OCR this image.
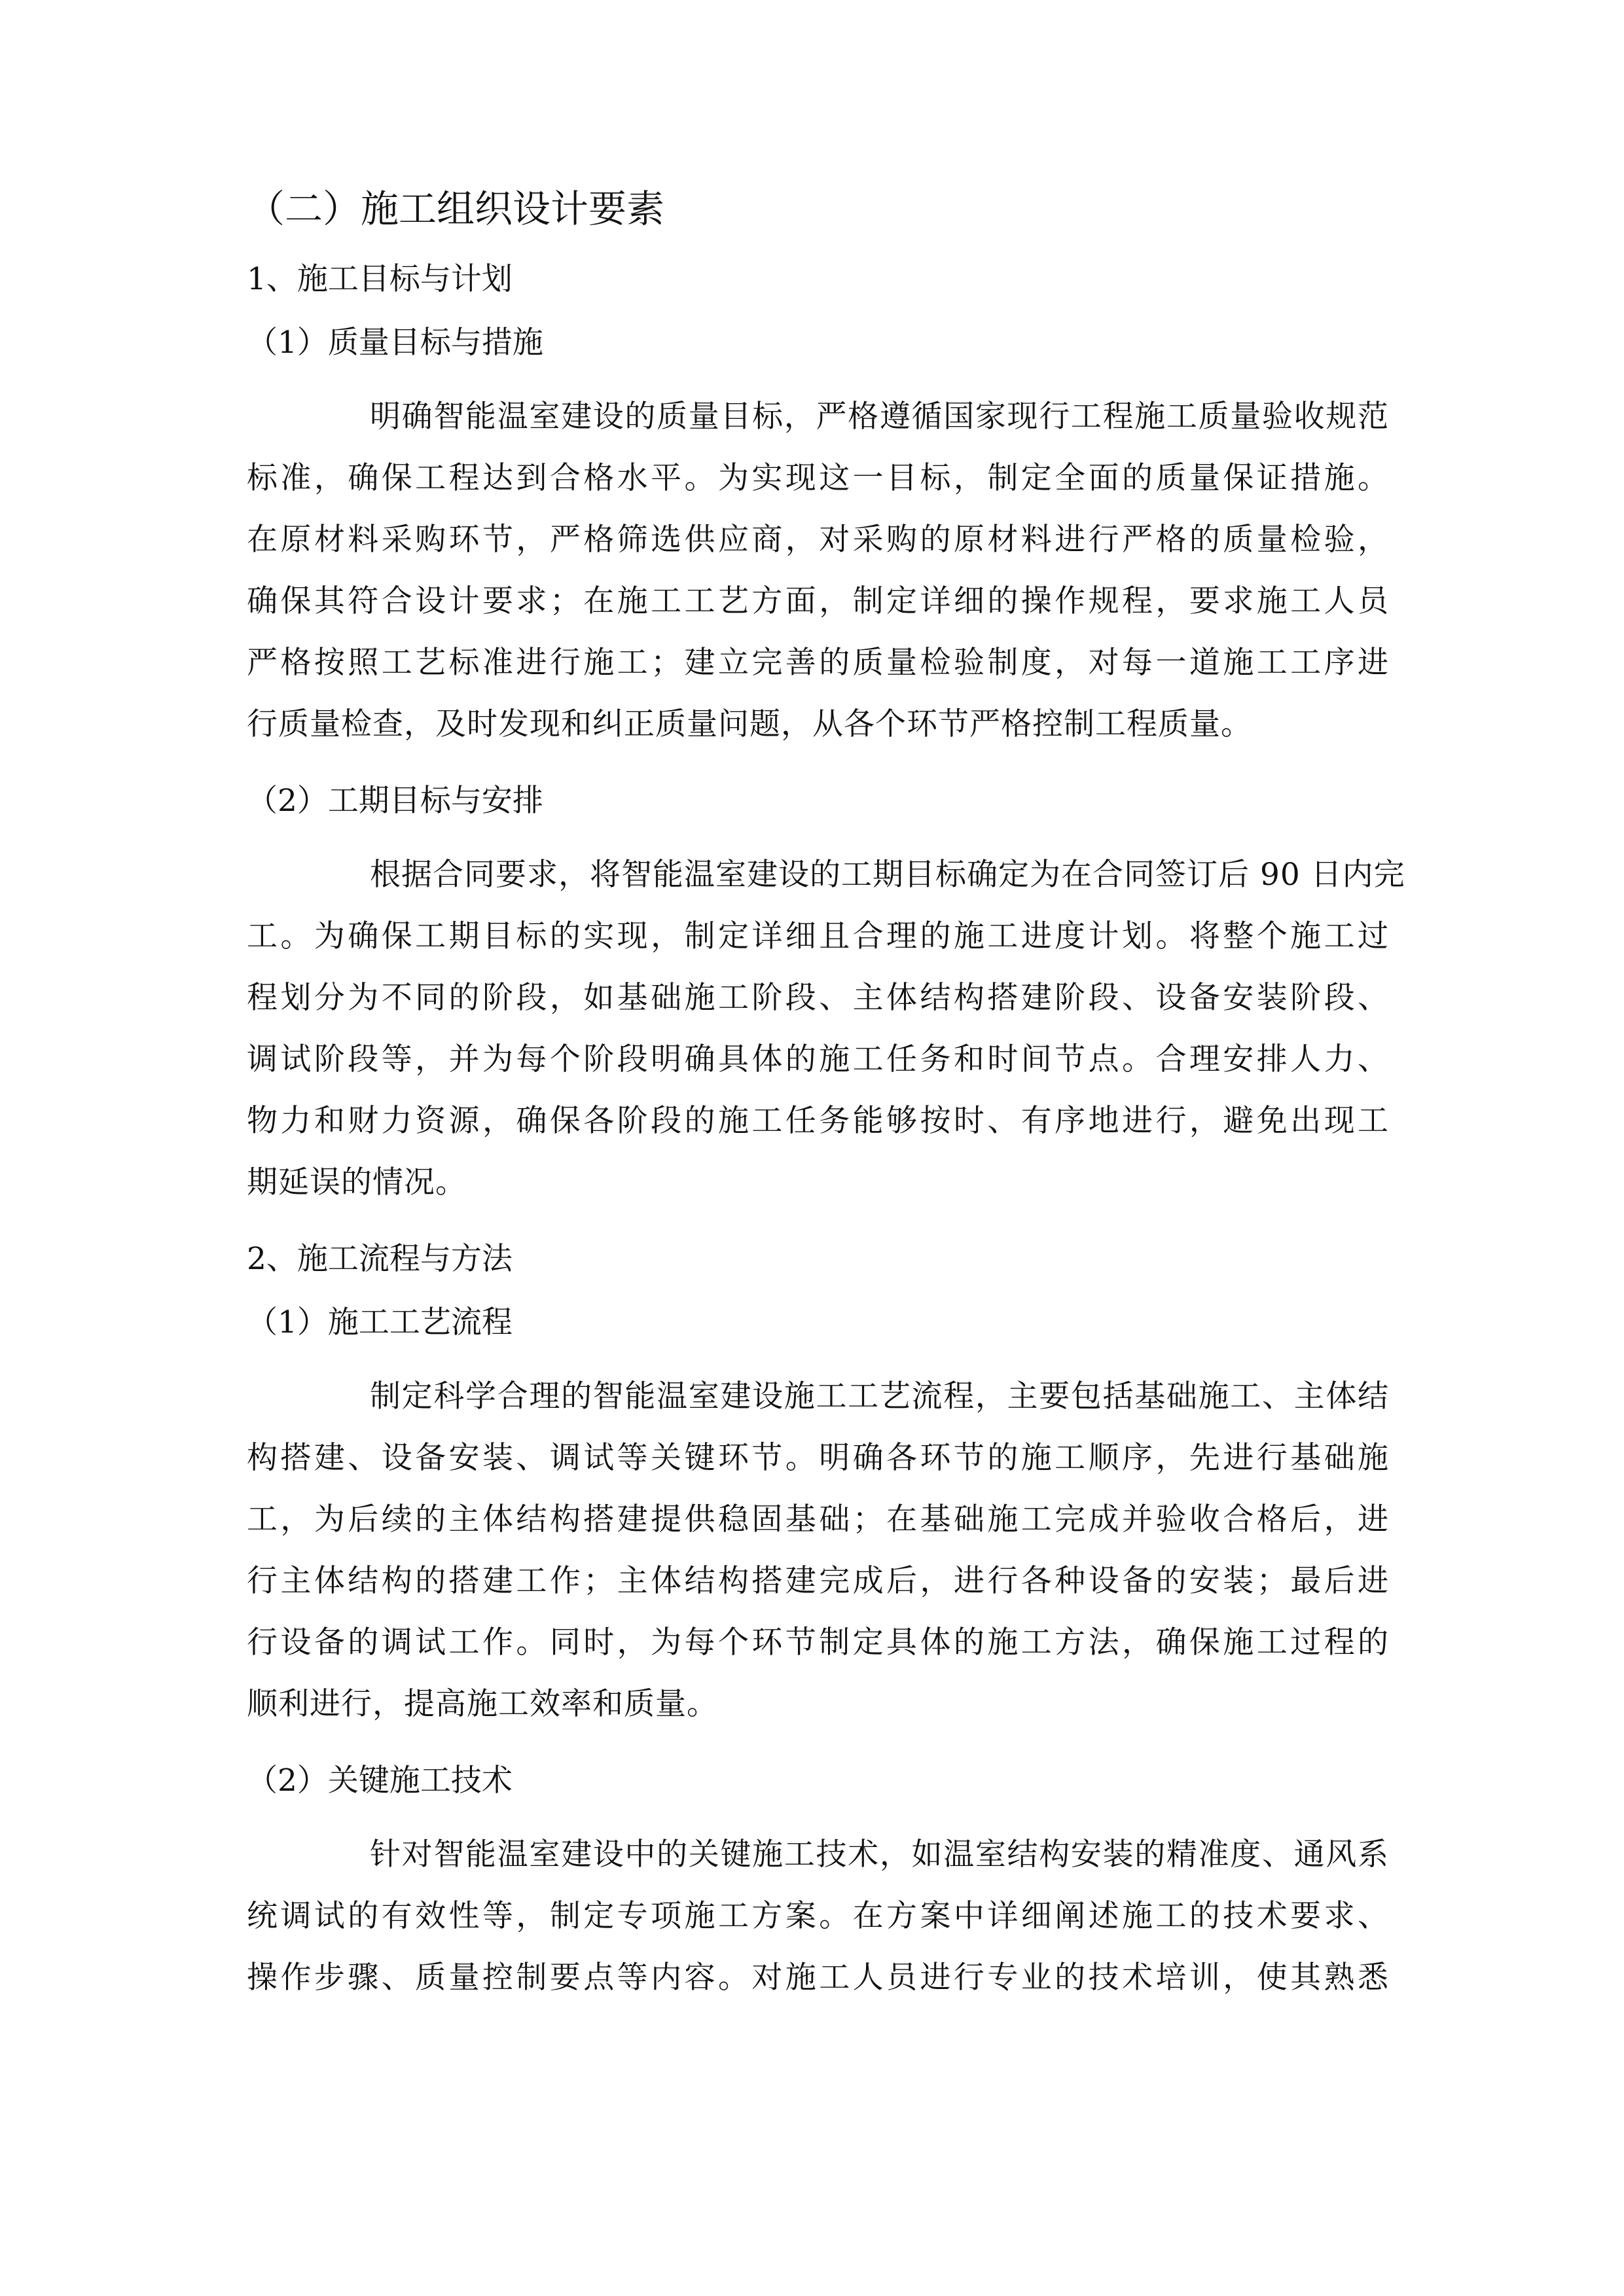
（二）施工组织设计要素
1、施工目标与计划
（1）质量目标与措施
明确智能温室建设的质量目标，严格遵循国家现行工程施工质量验收规范
标准，确保工程达到合格水平。为实现这一目标，制定全面的质量保证措施。
在原材料采购环节，严格筛选供应商，对采购的原材料进行严格的质量检验，
确保其符合设计要求；在施工工艺方面，制定详细的操作规程，要求施工人员
严格按照工艺标准进行施工；建立完善的质量检验制度，对每一道施工工序进
行质量检查，及时发现和纠正质量问题，从各个环节严格控制工程质量。
（2）工期目标与安排
根据合同要求，将智能温室建设的工期目标确定为在合同签订后 90 日内完
工。为确保工期目标的实现，制定详细且合理的施工进度计划。将整个施工过
程划分为不同的阶段，如基础施工阶段、主体结构搭建阶段、设备安装阶段、
调试阶段等，并为每个阶段明确具体的施工任务和时间节点。合理安排人力、
物力和财力资源，确保各阶段的施工任务能够按时、有序地进行，避免出现工
期延误的情况。
2、施工流程与方法
（1）施工工艺流程
制定科学合理的智能温室建设施工工艺流程，主要包括基础施工、主体结
构搭建、设备安装、调试等关键环节。明确各环节的施工顺序，先进行基础施
工，为后续的主体结构搭建提供稳固基础；在基础施工完成并验收合格后，进
行主体结构的搭建工作；主体结构搭建完成后，进行各种设备的安装；最后进
行设备的调试工作。同时，为每个环节制定具体的施工方法，确保施工过程的
顺利进行，提高施工效率和质量。
（2）关键施工技术
针对智能温室建设中的关键施工技术，如温室结构安装的精准度、通风系
统调试的有效性等，制定专项施工方案。在方案中详细阐述施工的技术要求、
操作步骤、质量控制要点等内容。对施工人员进行专业的技术培训，使其熟悉
